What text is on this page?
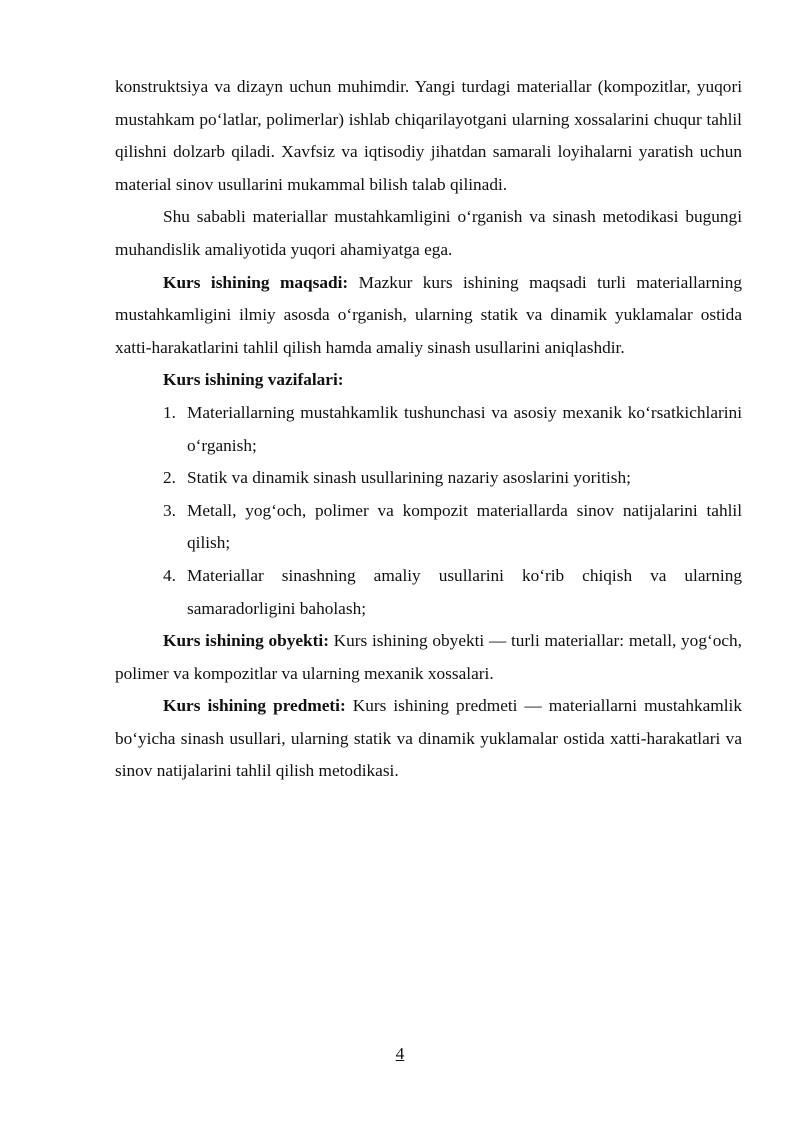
konstruktsiya va dizayn uchun muhimdir. Yangi turdagi materiallar (kompozitlar, yuqori mustahkam po‘latlar, polimerlar) ishlab chiqarilayotgani ularning xossalarini chuqur tahlil qilishni dolzarb qiladi. Xavfsiz va iqtisodiy jihatdan samarali loyihalarni yaratish uchun material sinov usullarini mukammal bilish talab qilinadi.

Shu sababli materiallar mustahkamligini o‘rganish va sinash metodikasi bugungi muhandislik amaliyotida yuqori ahamiyatga ega.

Kurs ishining maqsadi: Mazkur kurs ishining maqsadi turli materiallarning mustahkamligini ilmiy asosda o‘rganish, ularning statik va dinamik yuklamalar ostida xatti-harakatlarini tahlil qilish hamda amaliy sinash usullarini aniqlashdir.

Kurs ishining vazifalari:

1. Materiallarning mustahkamlik tushunchasi va asosiy mexanik ko‘rsatkichlarini o‘rganish;
2. Statik va dinamik sinash usullarining nazariy asoslarini yoritish;
3. Metall, yog‘och, polimer va kompozit materiallarda sinov natijalarini tahlil qilish;
4. Materiallar sinashning amaliy usullarini ko‘rib chiqish va ularning samaradorligini baholash;

Kurs ishining obyekti: Kurs ishining obyekti — turli materiallar: metall, yog‘och, polimer va kompozitlar va ularning mexanik xossalari.

Kurs ishining predmeti: Kurs ishining predmeti — materiallarni mustahkamlik bo‘yicha sinash usullari, ularning statik va dinamik yuklamalar ostida xatti-harakatlari va sinov natijalarini tahlil qilish metodikasi.

4
